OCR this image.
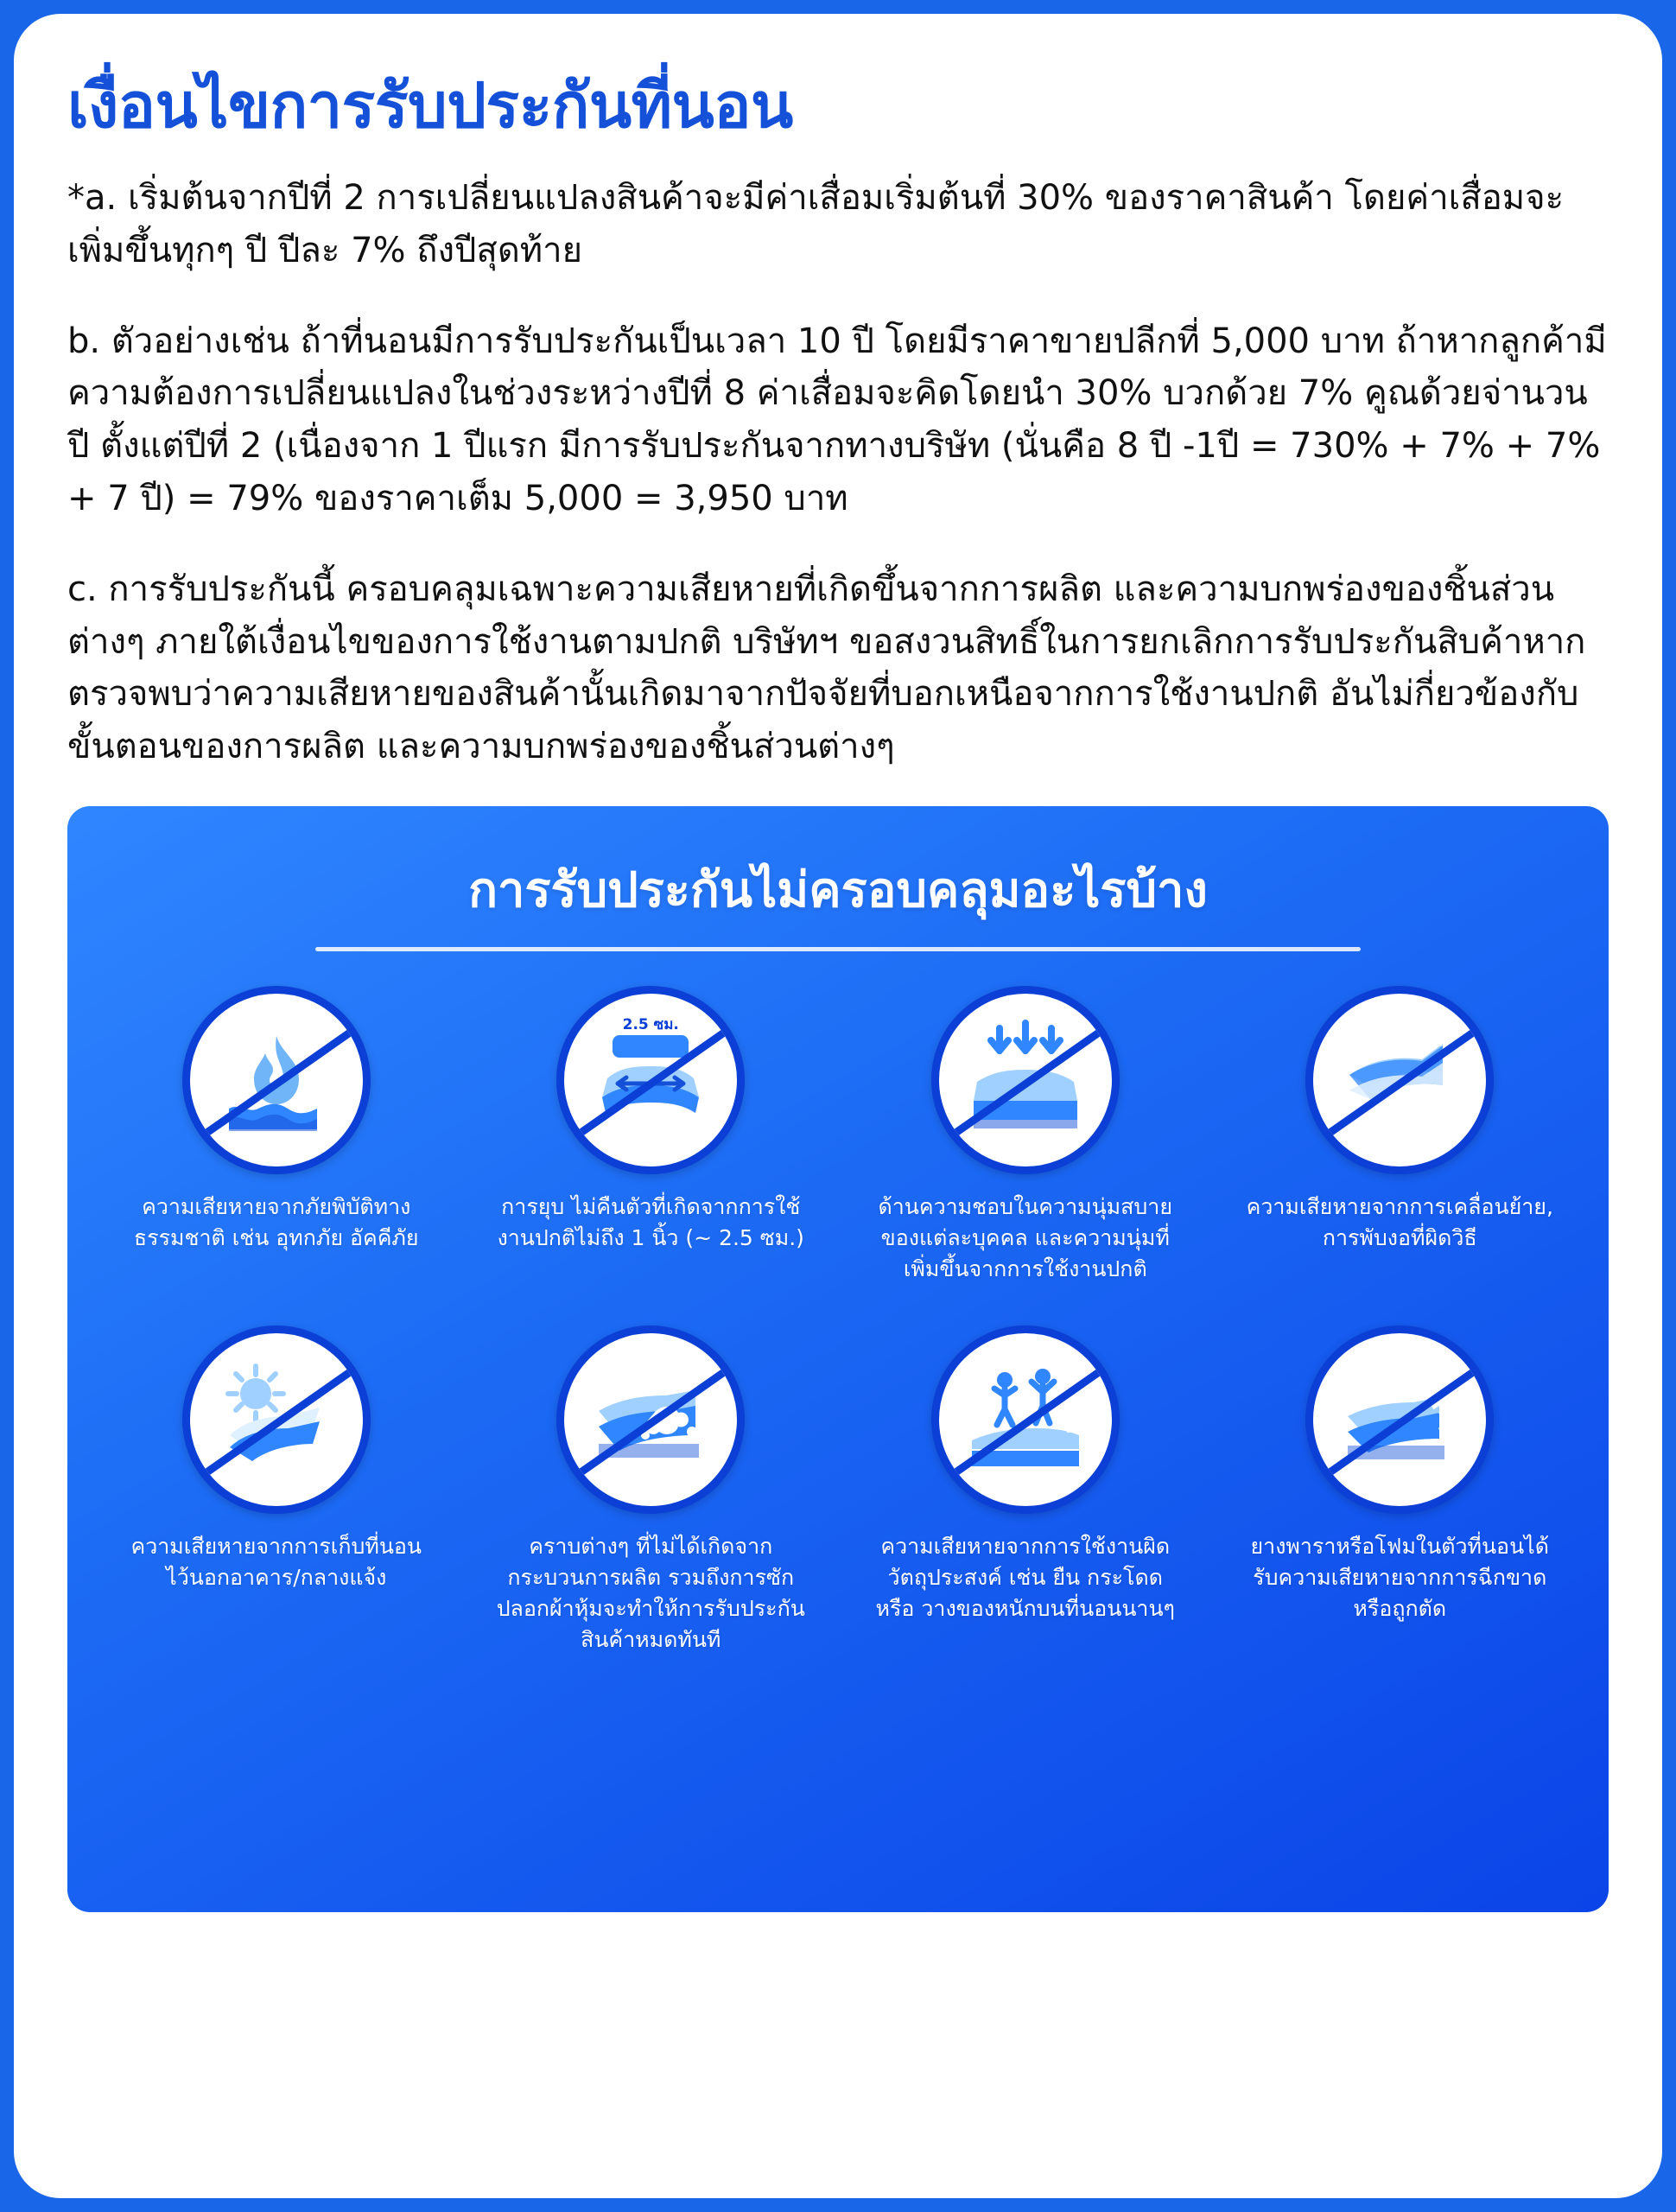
เงื่อนไขการรับประกันที่นอน

*a. เริ่มต้นจากปีที่ 2 การเปลี่ยนแปลงสินค้าจะมีค่าเสื่อมเริ่มต้นที่ 30% ของราคาสินค้า โดยค่าเสื่อมจะเพิ่มขึ้นทุกๆ ปี ปีละ 7% ถึงปีสุดท้าย

b. ตัวอย่างเช่น ถ้าที่นอนมีการรับประกันเป็นเวลา 10 ปี โดยมีราคาขายปลีกที่ 5,000 บาท ถ้าหากลูกค้ามีความต้องการเปลี่ยนแปลงในช่วงระหว่างปีที่ 8 ค่าเสื่อมจะคิดโดยนำ 30% บวกด้วย 7% คูณด้วยจ่านวนปี ตั้งแต่ปีที่ 2 (เนื่องจาก 1 ปีแรก มีการรับประกันจากทางบริษัท (นั่นคือ 8 ปี -1ปี = 730% + 7% + 7% + 7 ปี) = 79% ของราคาเต็ม 5,000 = 3,950 บาท

c. การรับประกันนี้ ครอบคลุมเฉพาะความเสียหายที่เกิดขึ้นจากการผลิต และความบกพร่องของชิ้นส่วนต่างๆ ภายใต้เงื่อนไขของการใช้งานตามปกติ บริษัทฯ ขอสงวนสิทธิ์ในการยกเลิกการรับประกันสิบค้าหากตรวจพบว่าความเสียหายของสินค้านั้นเกิดมาจากปัจจัยที่บอกเหนือจากการใช้งานปกติ อันไม่กี่ยวข้องกับขั้นตอนของการผลิต และความบกพร่องของชิ้นส่วนต่างๆ

การรับประกันไม่ครอบคลุมอะไรบ้าง
ความเสียหายจากภัยพิบัติทางธรรมชาติ เช่น อุทกภัย อัคคีภัย
2.5 ซม.
การยุบ ไม่คืนตัวที่เกิดจากการใช้งานปกติไม่ถึง 1 นิ้ว (~ 2.5 ซม.)
ด้านความชอบในความนุ่มสบายของแต่ละบุคคล และความนุ่มที่เพิ่มขึ้นจากการใช้งานปกติ
ความเสียหายจากการเคลื่อนย้าย, การพับงอที่ผิดวิธี
ความเสียหายจากการเก็บที่นอนไว้นอกอาคาร/กลางแจ้ง
คราบต่างๆ ที่ไม่ได้เกิดจากกระบวนการผลิต รวมถึงการซักปลอกผ้าหุ้มจะทำให้การรับประกันสินค้าหมดทันที
ความเสียหายจากการใช้งานผิดวัตถุประสงค์ เช่น ยืน กระโดด หรือ วางของหนักบนที่นอนนานๆ
ยางพาราหรือโฟมในตัวที่นอนได้รับความเสียหายจากการฉีกขาด หรือถูกตัด
